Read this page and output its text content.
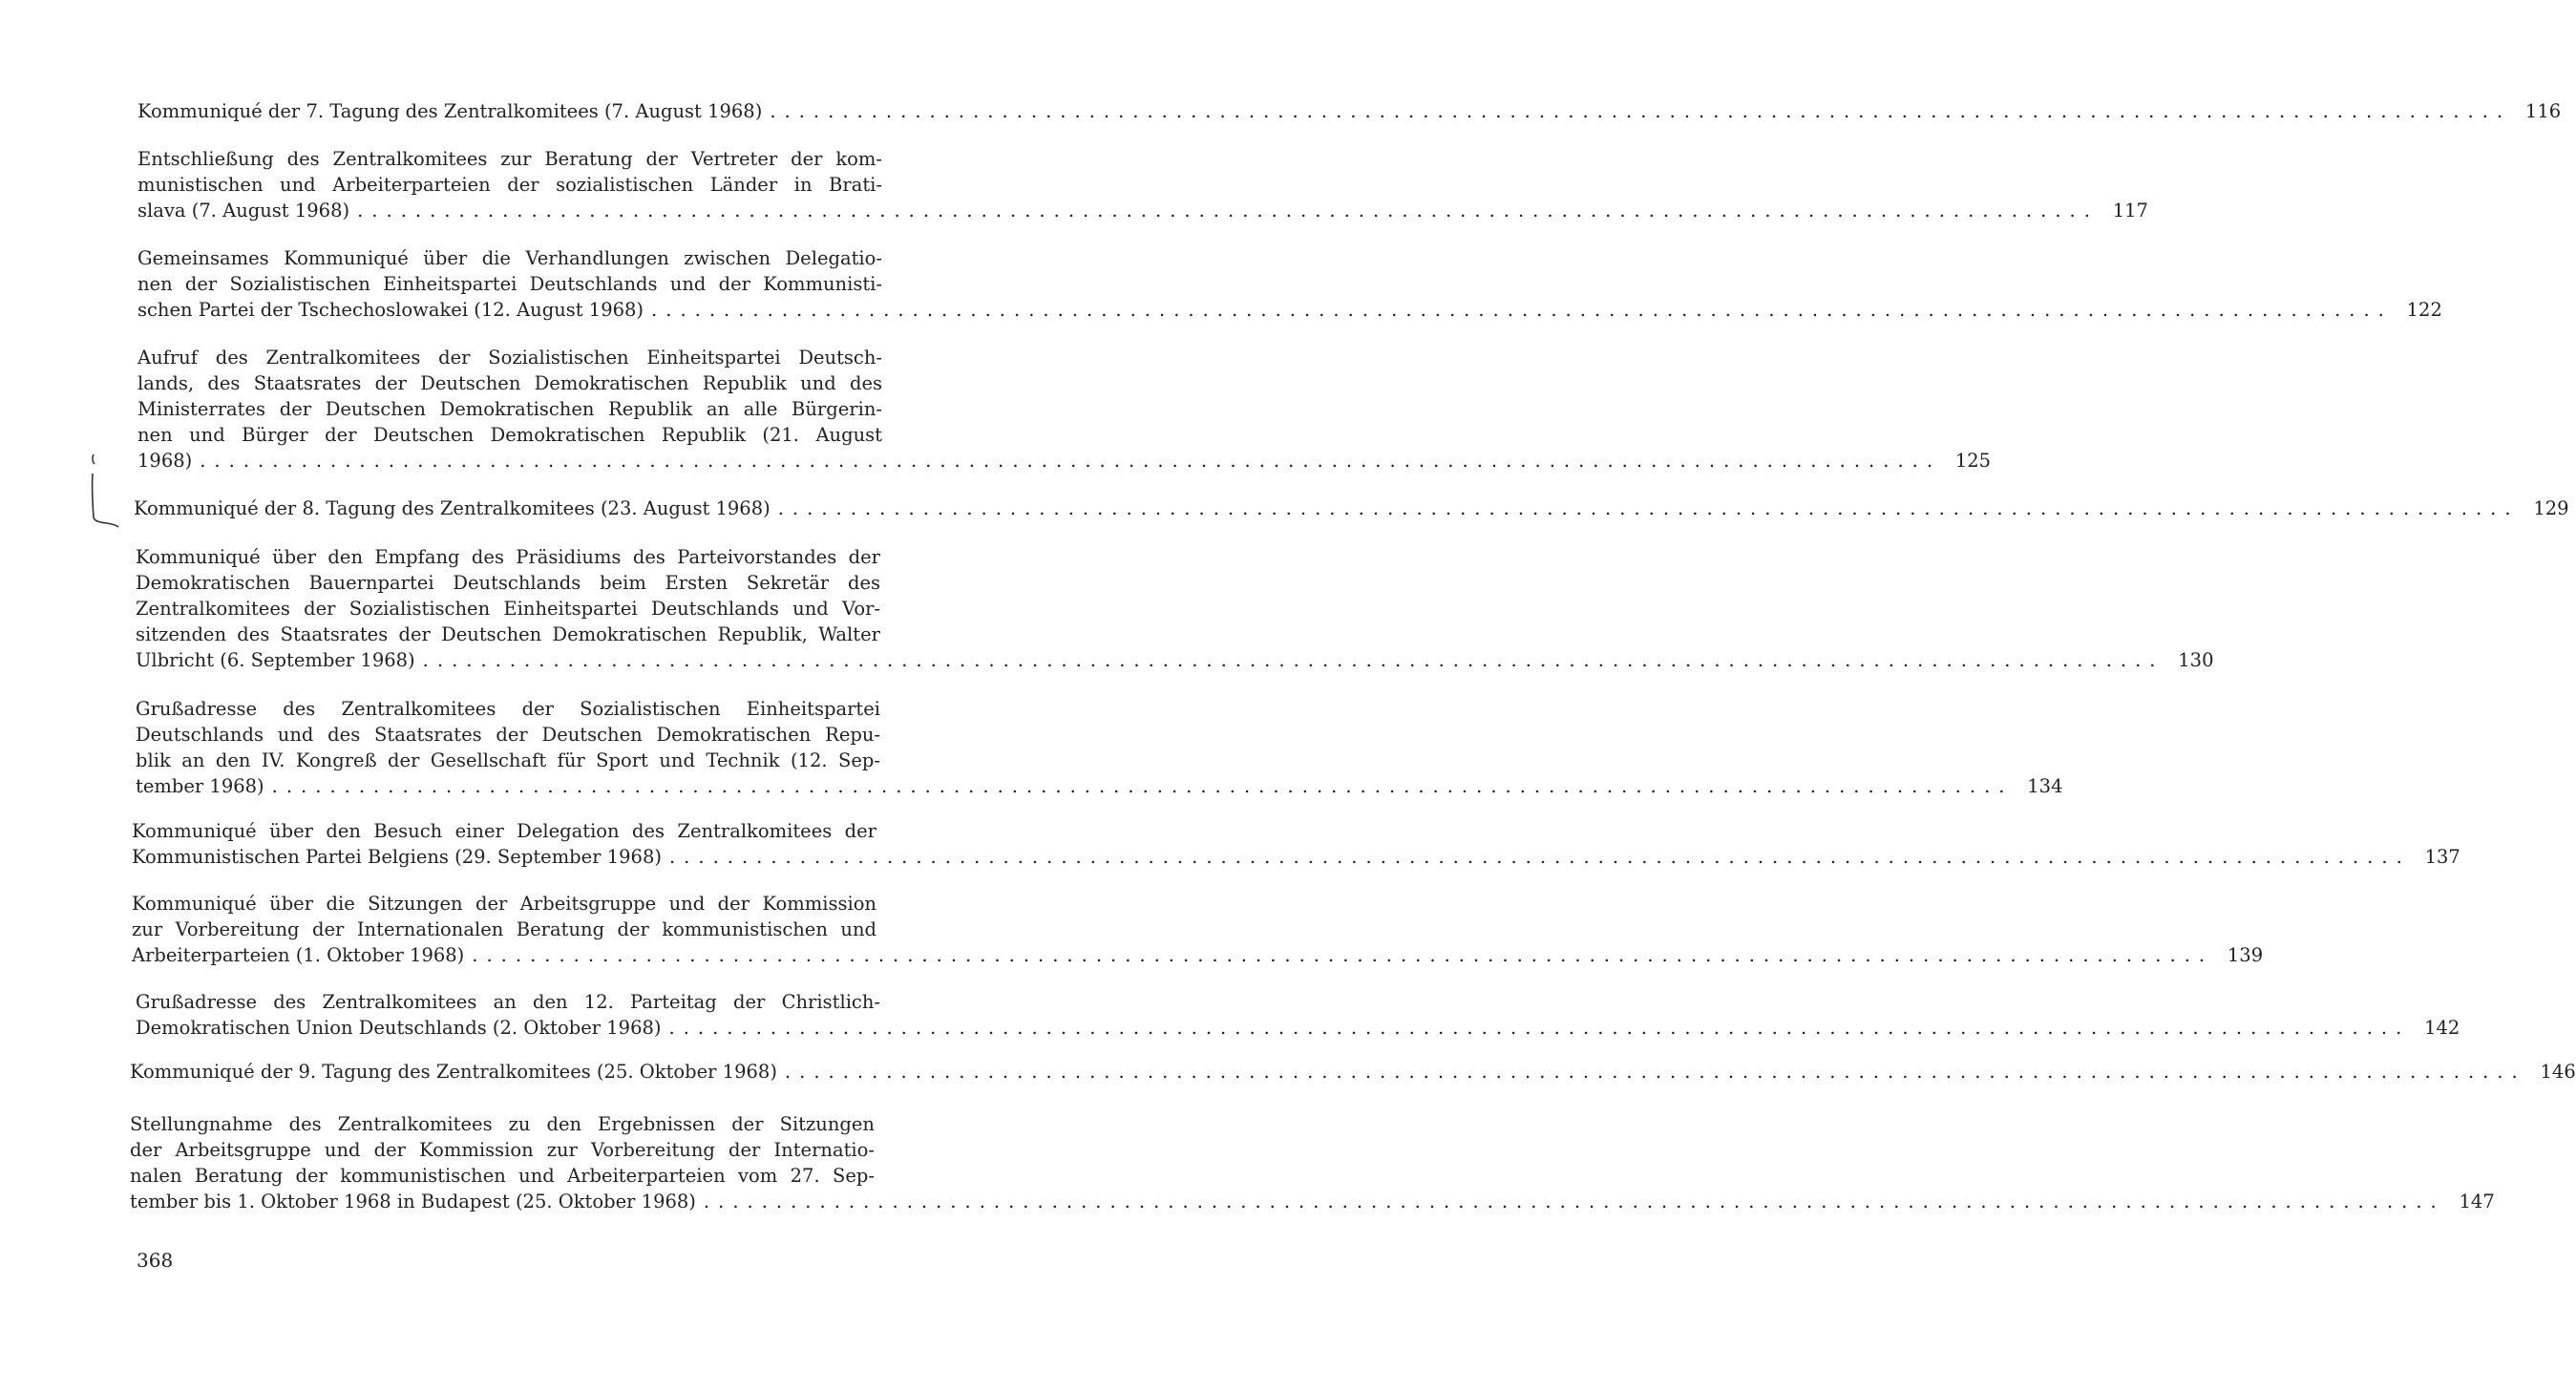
Kommuniqué der 7. Tagung des Zentralkomitees (7. August 1968) ........................................................................................................................ 116
Entschließung des Zentralkomitees zur Beratung der Vertreter der kom-
munistischen und Arbeiterparteien der sozialistischen Länder in Brati-
slava (7. August 1968) ........................................................................................................................ 117
Gemeinsames Kommuniqué über die Verhandlungen zwischen Delegatio-
nen der Sozialistischen Einheitspartei Deutschlands und der Kommunisti-
schen Partei der Tschechoslowakei (12. August 1968) ........................................................................................................................ 122
Aufruf des Zentralkomitees der Sozialistischen Einheitspartei Deutsch-
lands, des Staatsrates der Deutschen Demokratischen Republik und des
Ministerrates der Deutschen Demokratischen Republik an alle Bürgerin-
nen und Bürger der Deutschen Demokratischen Republik (21. August
1968) ........................................................................................................................ 125
Kommuniqué der 8. Tagung des Zentralkomitees (23. August 1968) ........................................................................................................................ 129
Kommuniqué über den Empfang des Präsidiums des Parteivorstandes der
Demokratischen Bauernpartei Deutschlands beim Ersten Sekretär des
Zentralkomitees der Sozialistischen Einheitspartei Deutschlands und Vor-
sitzenden des Staatsrates der Deutschen Demokratischen Republik, Walter
Ulbricht (6. September 1968) ........................................................................................................................ 130
Grußadresse des Zentralkomitees der Sozialistischen Einheitspartei
Deutschlands und des Staatsrates der Deutschen Demokratischen Repu-
blik an den IV. Kongreß der Gesellschaft für Sport und Technik (12. Sep-
tember 1968) ........................................................................................................................ 134
Kommuniqué über den Besuch einer Delegation des Zentralkomitees der
Kommunistischen Partei Belgiens (29. September 1968) ........................................................................................................................ 137
Kommuniqué über die Sitzungen der Arbeitsgruppe und der Kommission
zur Vorbereitung der Internationalen Beratung der kommunistischen und
Arbeiterparteien (1. Oktober 1968) ........................................................................................................................ 139
Grußadresse des Zentralkomitees an den 12. Parteitag der Christlich-
Demokratischen Union Deutschlands (2. Oktober 1968) ........................................................................................................................ 142
Kommuniqué der 9. Tagung des Zentralkomitees (25. Oktober 1968) ........................................................................................................................ 146
Stellungnahme des Zentralkomitees zu den Ergebnissen der Sitzungen
der Arbeitsgruppe und der Kommission zur Vorbereitung der Internatio-
nalen Beratung der kommunistischen und Arbeiterparteien vom 27. Sep-
tember bis 1. Oktober 1968 in Budapest (25. Oktober 1968) ........................................................................................................................ 147
368
